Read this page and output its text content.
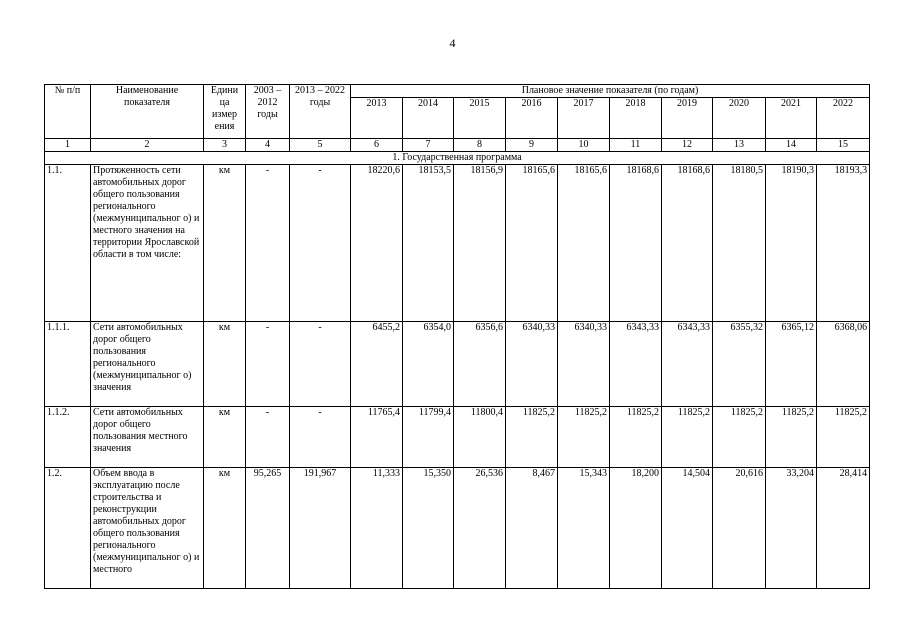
4
№ п/п	Наименование показателя	Едини ца измер ения	2003 – 2012 годы	2013 – 2022 годы	Плановое значение показателя (по годам)									
					2013	2014	2015	2016	2017	2018	2019	2020	2021	2022
1	2	3	4	5	6	7	8	9	10	11	12	13	14	15
1. Государственная программа														
1.1.	Протяженность сети автомобильных дорог общего пользования регионального (межмуниципальног о) и местного значения на территории Ярославской области в том числе:	км	-	-	18220,6	18153,5	18156,9	18165,6	18165,6	18168,6	18168,6	18180,5	18190,3	18193,3
1.1.1.	Сети автомобильных дорог общего пользования регионального (межмуниципальног о) значения	км	-	-	6455,2	6354,0	6356,6	6340,33	6340,33	6343,33	6343,33	6355,32	6365,12	6368,06
1.1.2.	Сети автомобильных дорог общего пользования местного значения	км	-	-	11765,4	11799,4	11800,4	11825,2	11825,2	11825,2	11825,2	11825,2	11825,2	11825,2
1.2.	Объем ввода в эксплуатацию после строительства и реконструкции автомобильных дорог общего пользования регионального (межмуниципальног о) и местного	км	95,265	191,967	11,333	15,350	26,536	8,467	15,343	18,200	14,504	20,616	33,204	28,414
